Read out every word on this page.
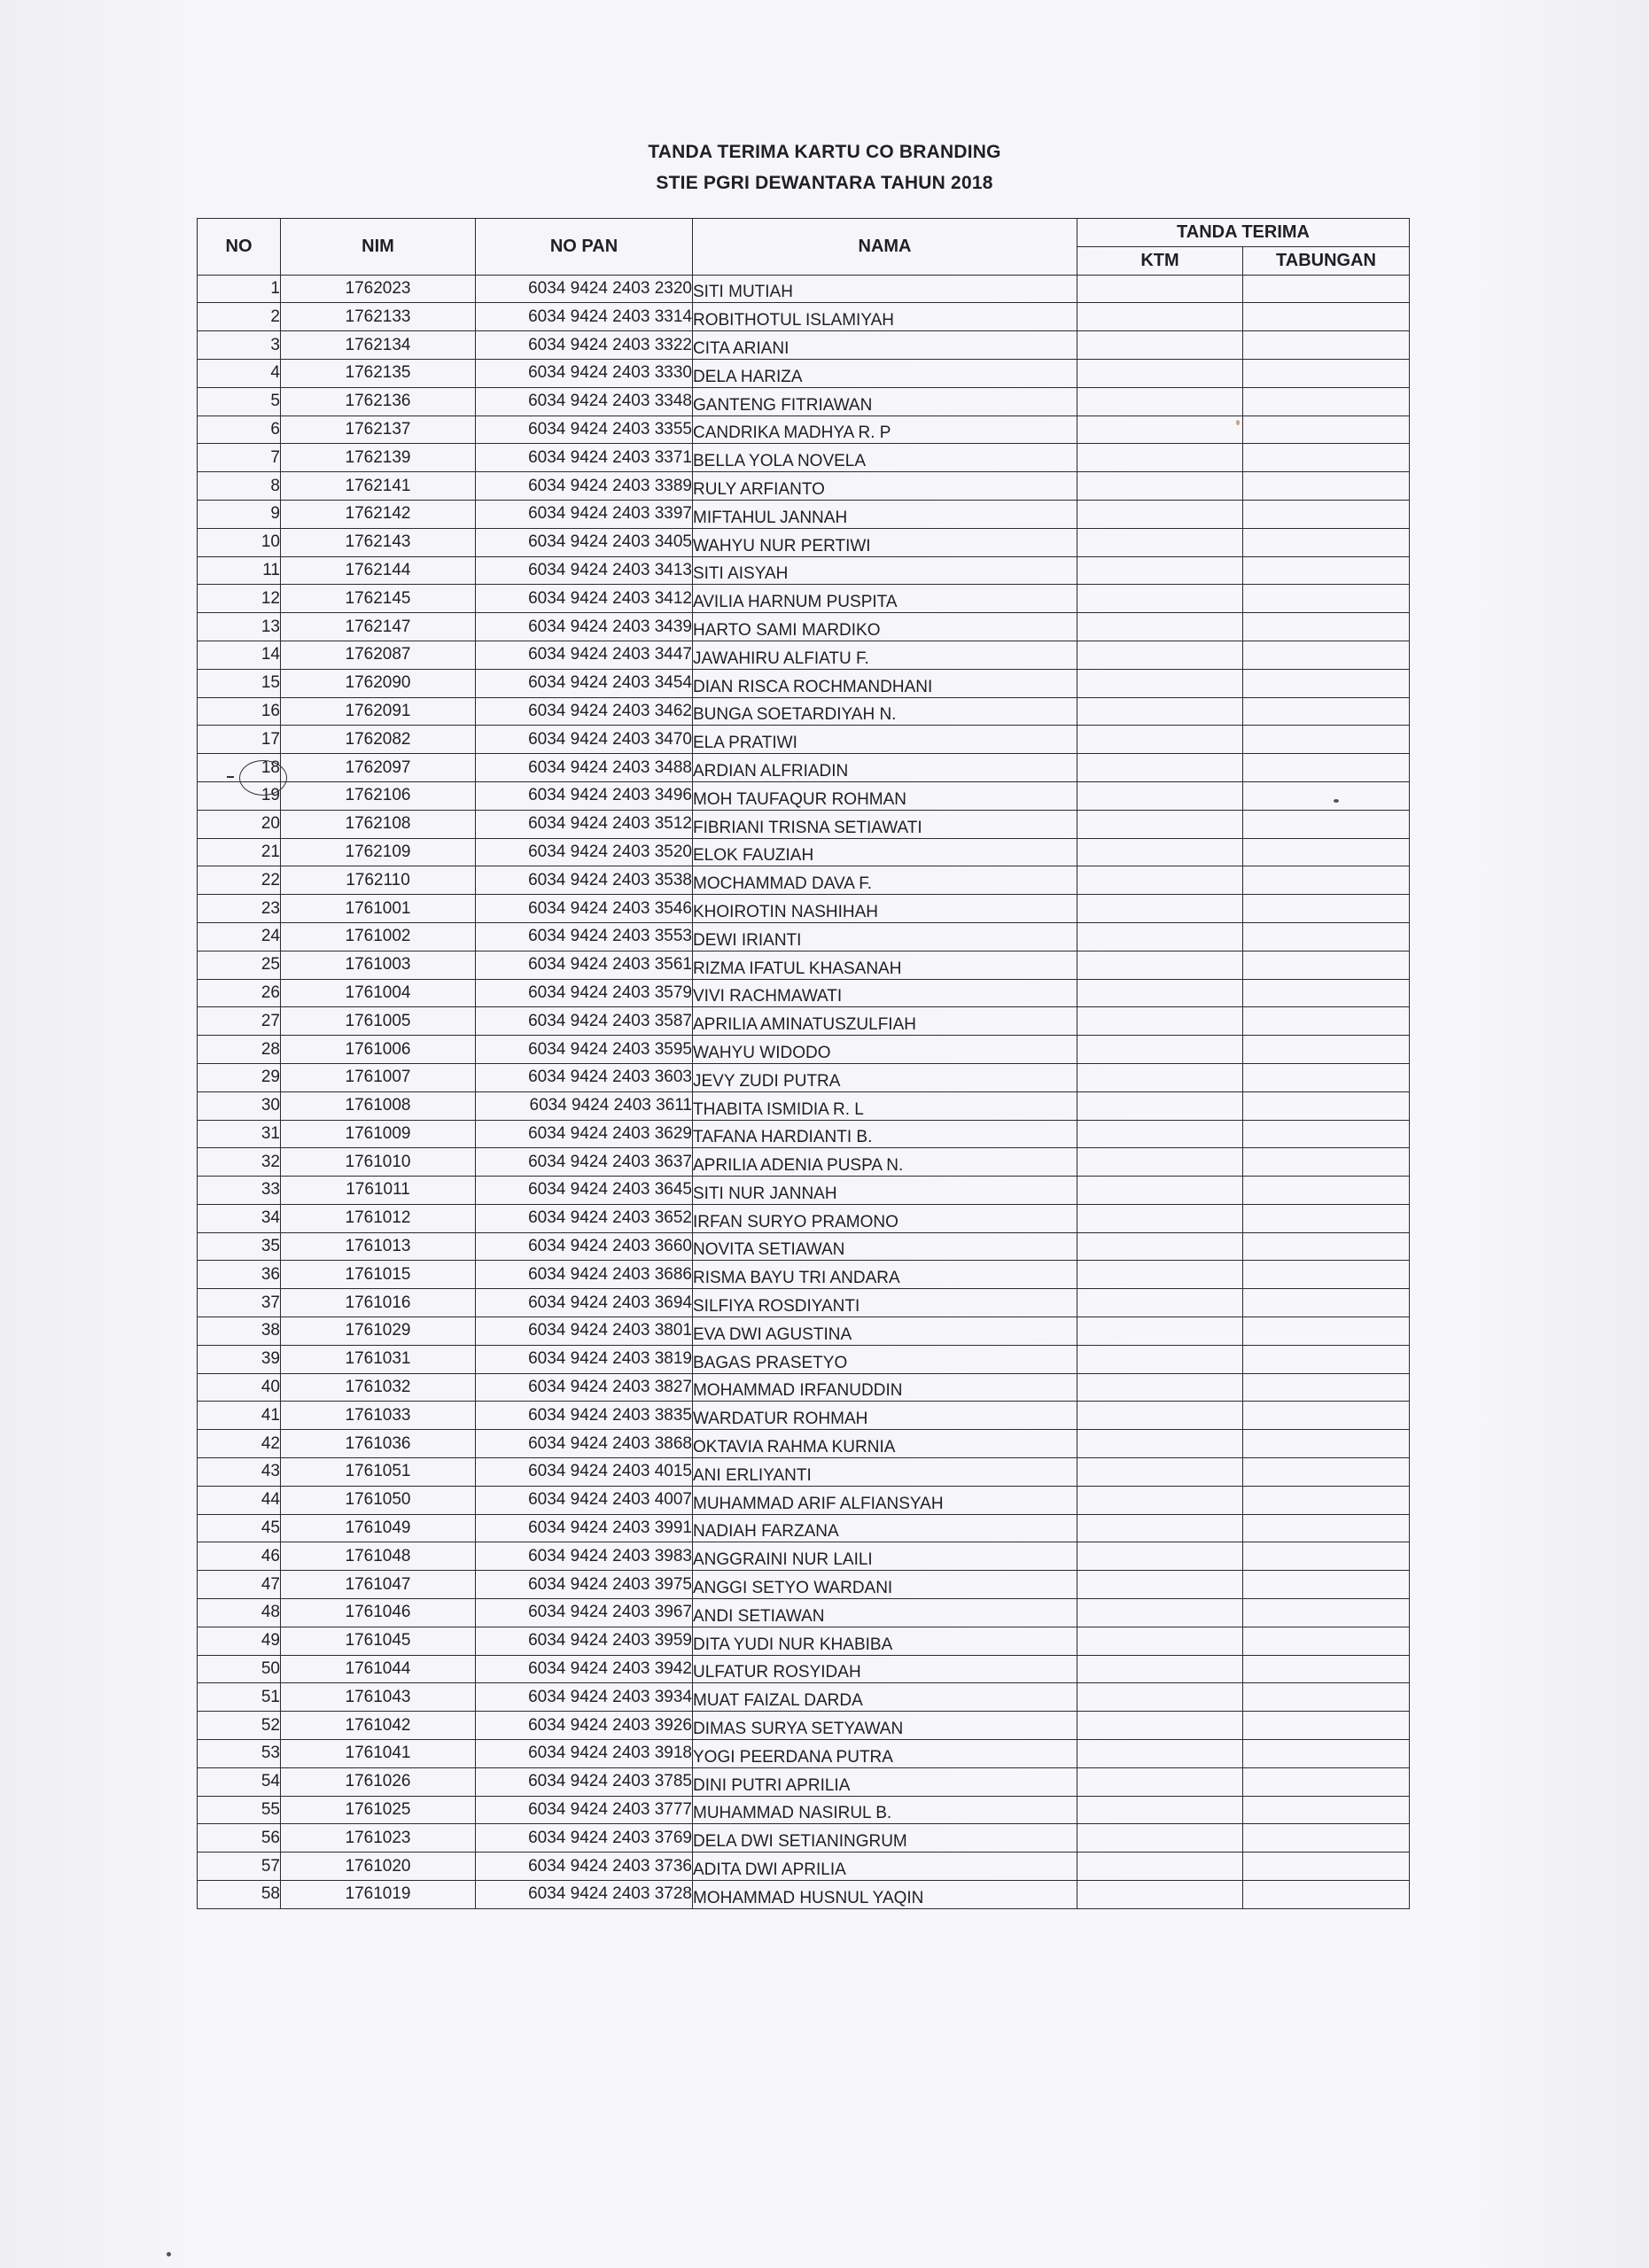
TANDA TERIMA KARTU CO BRANDING
STIE PGRI DEWANTARA TAHUN 2018
NO	NIM	NO PAN	NAMA	TANDA TERIMA	
				KTM	TABUNGAN
1	1762023	6034 9424 2403 2320	SITI MUTIAH		
2	1762133	6034 9424 2403 3314	ROBITHOTUL ISLAMIYAH		
3	1762134	6034 9424 2403 3322	CITA ARIANI		
4	1762135	6034 9424 2403 3330	DELA HARIZA		
5	1762136	6034 9424 2403 3348	GANTENG FITRIAWAN		
6	1762137	6034 9424 2403 3355	CANDRIKA MADHYA R. P		
7	1762139	6034 9424 2403 3371	BELLA YOLA NOVELA		
8	1762141	6034 9424 2403 3389	RULY ARFIANTO		
9	1762142	6034 9424 2403 3397	MIFTAHUL JANNAH		
10	1762143	6034 9424 2403 3405	WAHYU NUR PERTIWI		
11	1762144	6034 9424 2403 3413	SITI AISYAH		
12	1762145	6034 9424 2403 3412	AVILIA HARNUM PUSPITA		
13	1762147	6034 9424 2403 3439	HARTO SAMI MARDIKO		
14	1762087	6034 9424 2403 3447	JAWAHIRU ALFIATU F.		
15	1762090	6034 9424 2403 3454	DIAN RISCA ROCHMANDHANI		
16	1762091	6034 9424 2403 3462	BUNGA SOETARDIYAH N.		
17	1762082	6034 9424 2403 3470	ELA PRATIWI		
18	1762097	6034 9424 2403 3488	ARDIAN ALFRIADIN		
19	1762106	6034 9424 2403 3496	MOH TAUFAQUR ROHMAN		
20	1762108	6034 9424 2403 3512	FIBRIANI TRISNA SETIAWATI		
21	1762109	6034 9424 2403 3520	ELOK FAUZIAH		
22	1762110	6034 9424 2403 3538	MOCHAMMAD DAVA F.		
23	1761001	6034 9424 2403 3546	KHOIROTIN NASHIHAH		
24	1761002	6034 9424 2403 3553	DEWI IRIANTI		
25	1761003	6034 9424 2403 3561	RIZMA IFATUL KHASANAH		
26	1761004	6034 9424 2403 3579	VIVI RACHMAWATI		
27	1761005	6034 9424 2403 3587	APRILIA AMINATUSZULFIAH		
28	1761006	6034 9424 2403 3595	WAHYU WIDODO		
29	1761007	6034 9424 2403 3603	JEVY ZUDI PUTRA		
30	1761008	6034 9424 2403 3611	THABITA ISMIDIA R. L		
31	1761009	6034 9424 2403 3629	TAFANA HARDIANTI B.		
32	1761010	6034 9424 2403 3637	APRILIA ADENIA PUSPA N.		
33	1761011	6034 9424 2403 3645	SITI NUR JANNAH		
34	1761012	6034 9424 2403 3652	IRFAN SURYO PRAMONO		
35	1761013	6034 9424 2403 3660	NOVITA SETIAWAN		
36	1761015	6034 9424 2403 3686	RISMA BAYU TRI ANDARA		
37	1761016	6034 9424 2403 3694	SILFIYA ROSDIYANTI		
38	1761029	6034 9424 2403 3801	EVA DWI AGUSTINA		
39	1761031	6034 9424 2403 3819	BAGAS PRASETYO		
40	1761032	6034 9424 2403 3827	MOHAMMAD IRFANUDDIN		
41	1761033	6034 9424 2403 3835	WARDATUR ROHMAH		
42	1761036	6034 9424 2403 3868	OKTAVIA RAHMA KURNIA		
43	1761051	6034 9424 2403 4015	ANI ERLIYANTI		
44	1761050	6034 9424 2403 4007	MUHAMMAD ARIF ALFIANSYAH		
45	1761049	6034 9424 2403 3991	NADIAH FARZANA		
46	1761048	6034 9424 2403 3983	ANGGRAINI NUR LAILI		
47	1761047	6034 9424 2403 3975	ANGGI SETYO WARDANI		
48	1761046	6034 9424 2403 3967	ANDI SETIAWAN		
49	1761045	6034 9424 2403 3959	DITA YUDI NUR KHABIBA		
50	1761044	6034 9424 2403 3942	ULFATUR ROSYIDAH		
51	1761043	6034 9424 2403 3934	MUAT FAIZAL DARDA		
52	1761042	6034 9424 2403 3926	DIMAS SURYA SETYAWAN		
53	1761041	6034 9424 2403 3918	YOGI PEERDANA PUTRA		
54	1761026	6034 9424 2403 3785	DINI PUTRI APRILIA		
55	1761025	6034 9424 2403 3777	MUHAMMAD NASIRUL B.		
56	1761023	6034 9424 2403 3769	DELA DWI SETIANINGRUM		
57	1761020	6034 9424 2403 3736	ADITA DWI APRILIA		
58	1761019	6034 9424 2403 3728	MOHAMMAD HUSNUL YAQIN		
